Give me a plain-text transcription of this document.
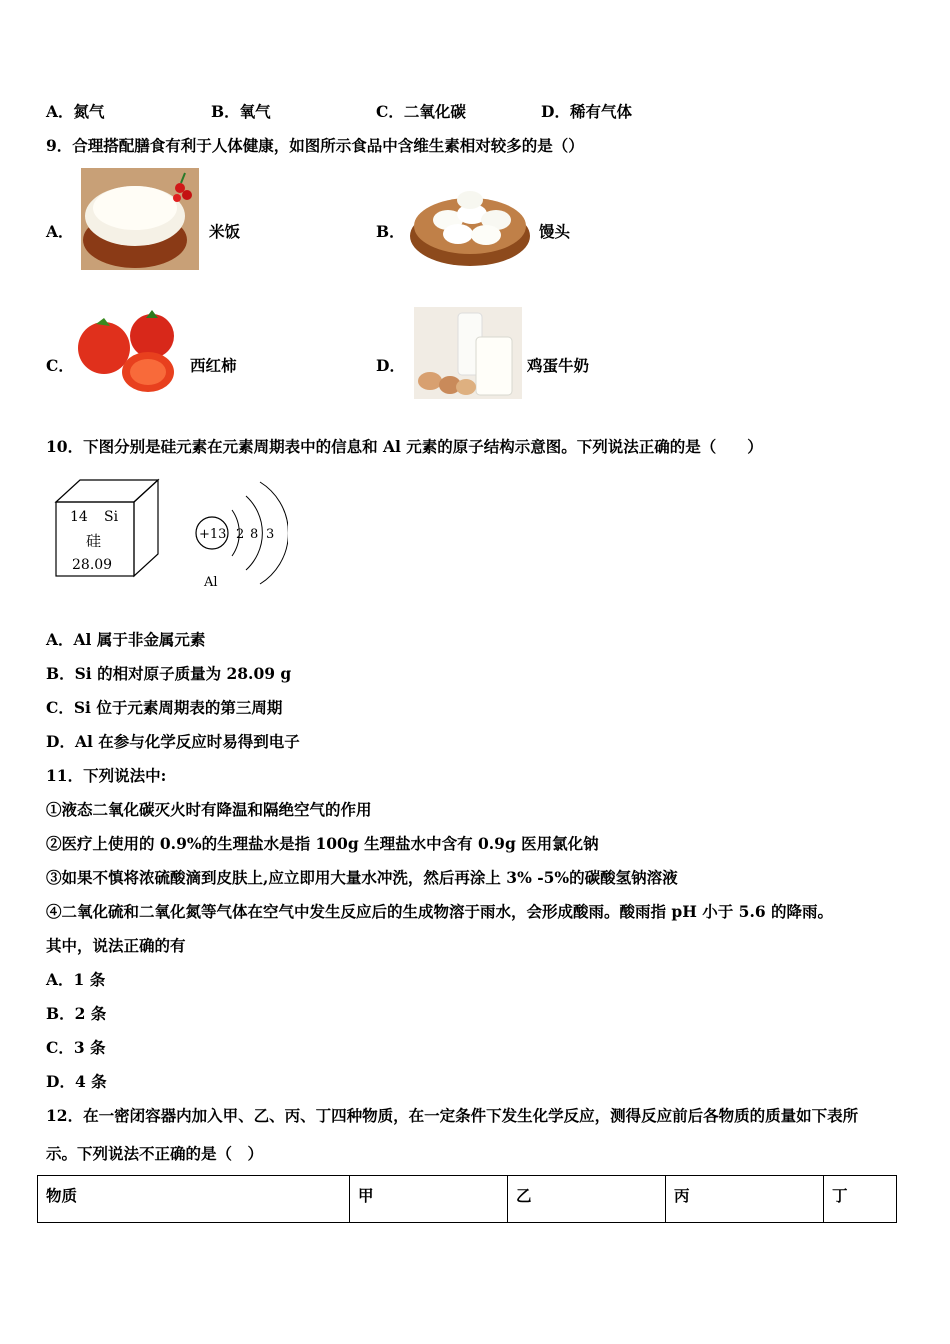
A．氮气	B．氧气	C．二氧化碳	D．稀有气体
9．合理搭配膳食有利于人体健康，如图所示食品中含维生素相对较多的是（）
A．	米饭	B．	馒头
C．	西红柿	D．	鸡蛋牛奶
10．下图分别是硅元素在元素周期表中的信息和 Al 元素的原子结构示意图。下列说法正确的是（　　）
14 Si
硅
28.09
+13 2 8 3
Al
A．Al 属于非金属元素
B．Si 的相对原子质量为 28.09 g
C．Si 位于元素周期表的第三周期
D．Al 在参与化学反应时易得到电子
11．下列说法中:
①液态二氧化碳灭火时有降温和隔绝空气的作用
②医疗上使用的 0.9%的生理盐水是指 100g 生理盐水中含有 0.9g 医用氯化钠
③如果不慎将浓硫酸滴到皮肤上,应立即用大量水冲洗，然后再涂上 3% -5%的碳酸氢钠溶液
④二氧化硫和二氧化氮等气体在空气中发生反应后的生成物溶于雨水，会形成酸雨。酸雨指 pH 小于 5.6 的降雨。
其中，说法正确的有
A．1 条
B．2 条
C．3 条
D．4 条
12．在一密闭容器内加入甲、乙、丙、丁四种物质，在一定条件下发生化学反应，测得反应前后各物质的质量如下表所
示。下列说法不正确的是（　）
物质	甲	乙	丙	丁
